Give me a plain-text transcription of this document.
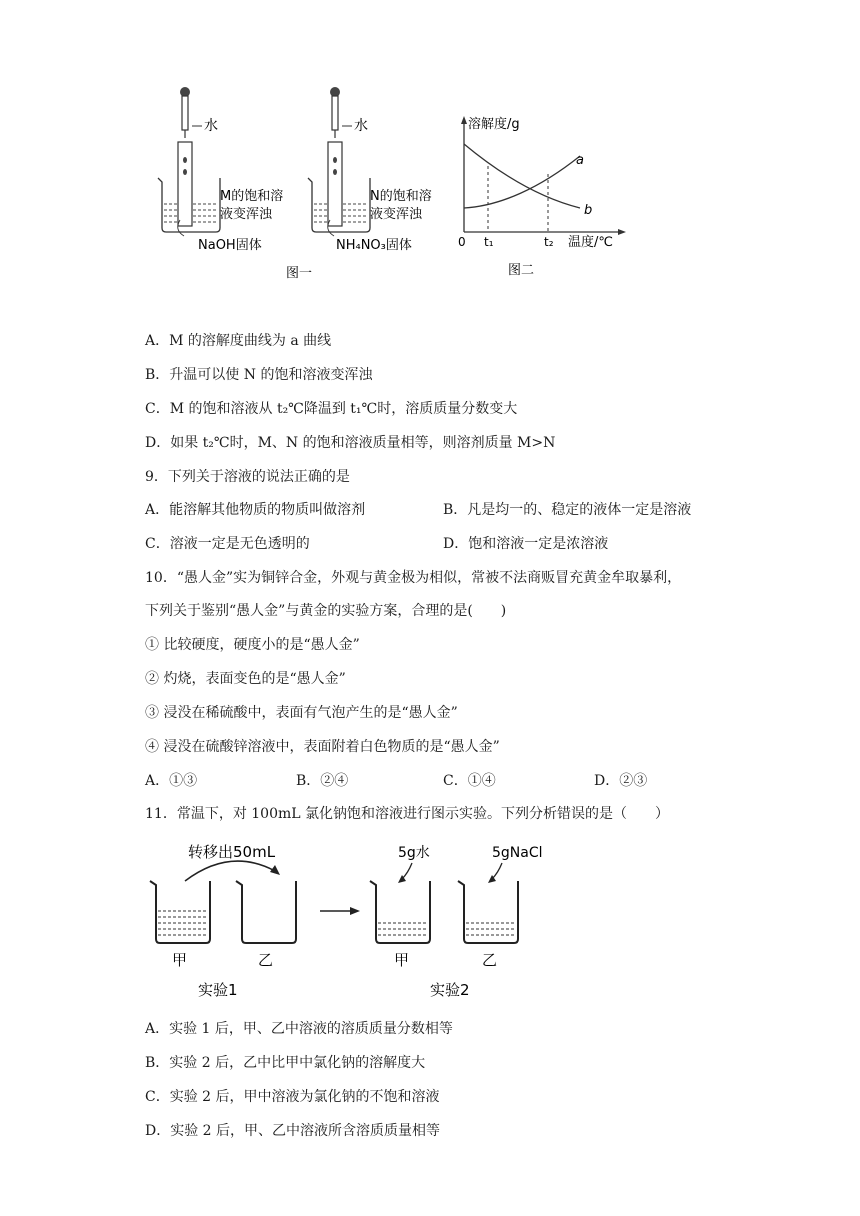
水
M的饱和溶
液变浑浊
NaOH固体
水
N的饱和溶
液变浑浊
NH₄NO₃固体
图一
溶解度/g
0	温度/℃
a
b
t₁	t₂
图二
A．M 的溶解度曲线为 a 曲线
B．升温可以使 N 的饱和溶液变浑浊
C．M 的饱和溶液从 t₂℃降温到 t₁℃时，溶质质量分数变大
D．如果 t₂℃时，M、N 的饱和溶液质量相等，则溶剂质量 M>N
9．下列关于溶液的说法正确的是
A．能溶解其他物质的物质叫做溶剂	B．凡是均一的、稳定的液体一定是溶液
C．溶液一定是无色透明的	D．饱和溶液一定是浓溶液
10．“愚人金”实为铜锌合金，外观与黄金极为相似，常被不法商贩冒充黄金牟取暴利，
下列关于鉴别“愚人金”与黄金的实验方案，合理的是(　　)
① 比较硬度，硬度小的是“愚人金”
② 灼烧，表面变色的是“愚人金”
③ 浸没在稀硫酸中，表面有气泡产生的是“愚人金”
④ 浸没在硫酸锌溶液中，表面附着白色物质的是“愚人金”
A．①③	B．②④	C．①④	D．②③
11．常温下，对 100mL 氯化钠饱和溶液进行图示实验。下列分析错误的是（　　）
转移出50mL
甲	乙
实验1
5g水	5gNaCl
甲	乙
实验2
A．实验 1 后，甲、乙中溶液的溶质质量分数相等
B．实验 2 后，乙中比甲中氯化钠的溶解度大
C．实验 2 后，甲中溶液为氯化钠的不饱和溶液
D．实验 2 后，甲、乙中溶液所含溶质质量相等
